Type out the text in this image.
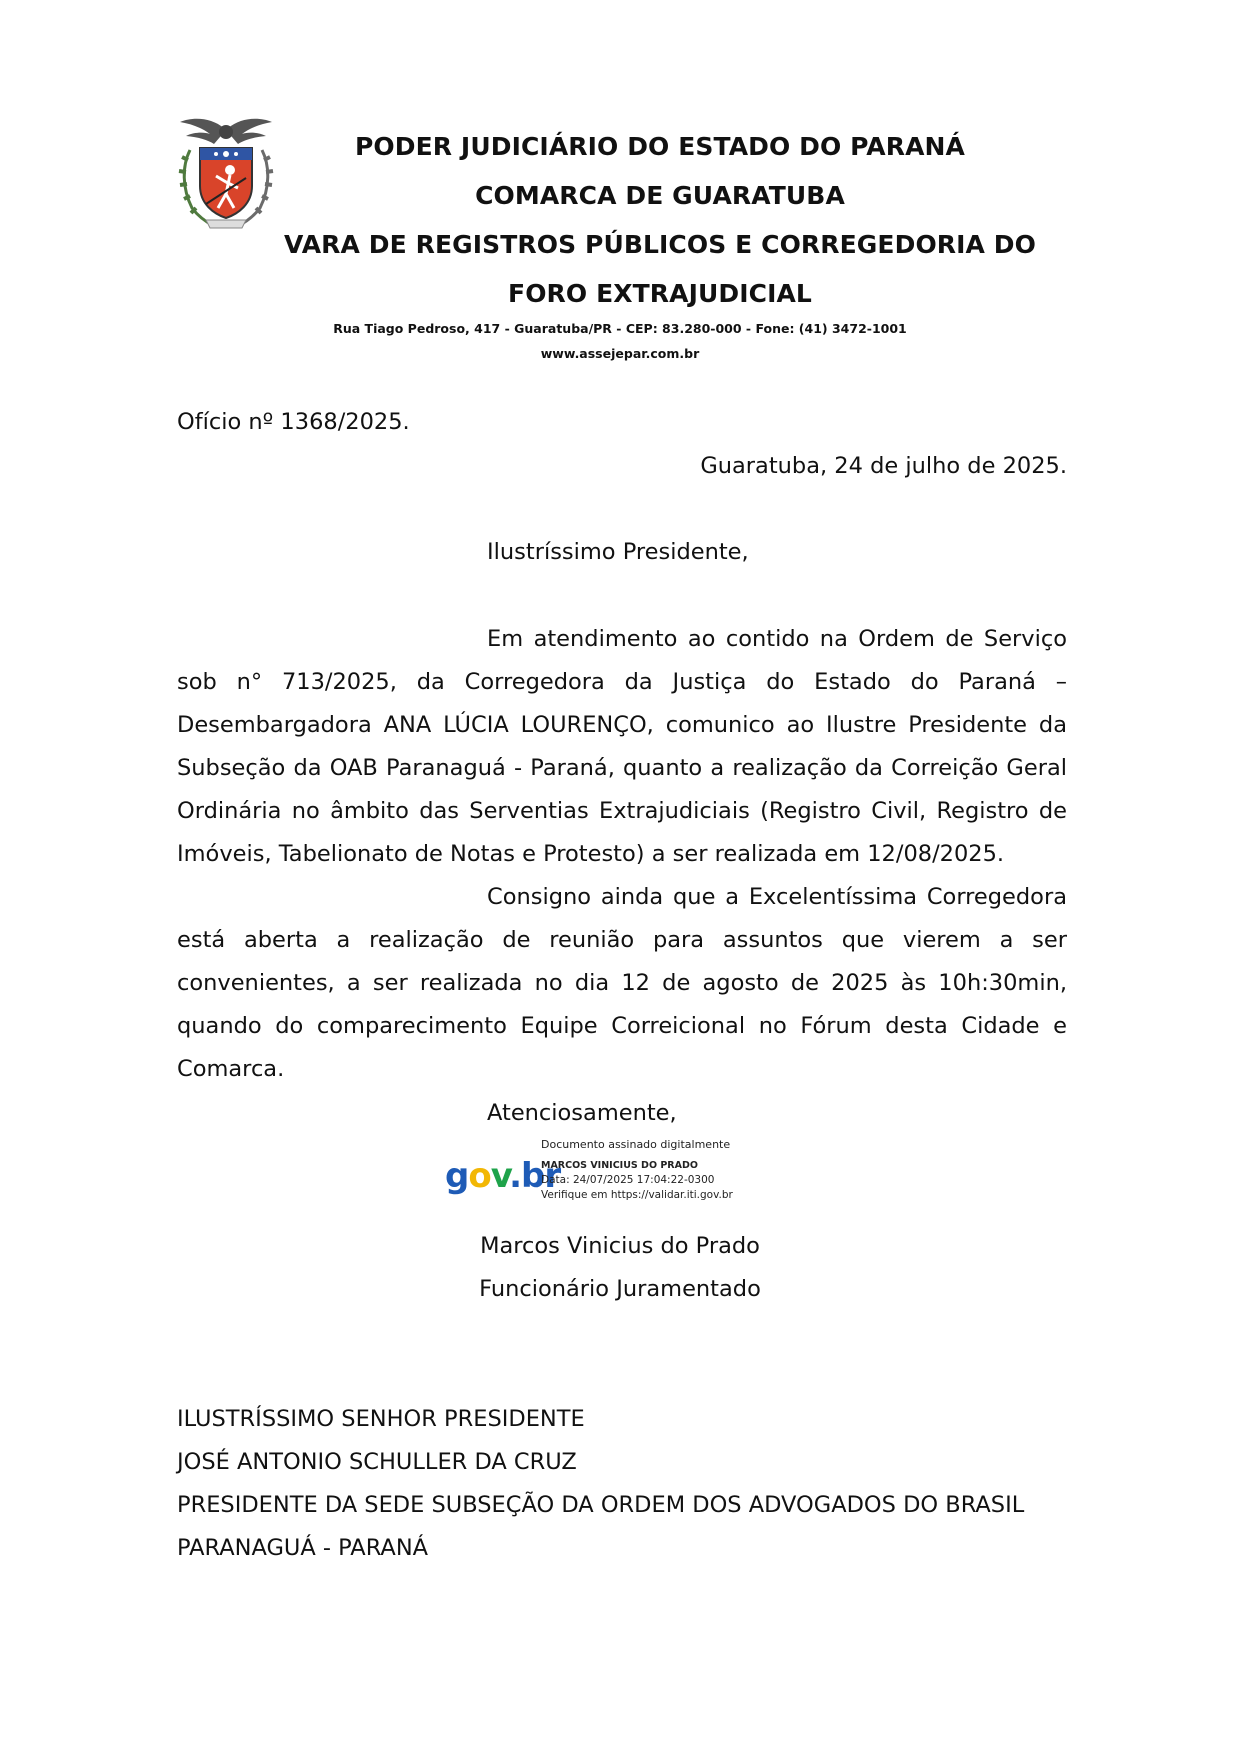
PODER JUDICIÁRIO DO ESTADO DO PARANÁ
COMARCA DE GUARATUBA
VARA DE REGISTROS PÚBLICOS E CORREGEDORIA DO
FORO EXTRAJUDICIAL
Rua Tiago Pedroso, 417 - Guaratuba/PR - CEP: 83.280-000 - Fone: (41) 3472-1001
www.assejepar.com.br
Ofício nº 1368/2025.
Guaratuba, 24 de julho de 2025.
Ilustríssimo Presidente,
Em atendimento ao contido na Ordem de Serviço sob n° 713/2025, da Corregedora da Justiça do Estado do Paraná – Desembargadora ANA LÚCIA LOURENÇO, comunico ao Ilustre Presidente da Subseção da OAB Paranaguá - Paraná, quanto a realização da Correição Geral Ordinária no âmbito das Serventias Extrajudiciais (Registro Civil, Registro de Imóveis, Tabelionato de Notas e Protesto) a ser realizada em 12/08/2025.
Consigno ainda que a Excelentíssima Corregedora está aberta a realização de reunião para assuntos que vierem a ser convenientes, a ser realizada no dia 12 de agosto de 2025 às 10h:30min, quando do comparecimento Equipe Correicional no Fórum desta Cidade e Comarca.
Atenciosamente,
gov.br
Documento assinado digitalmente
MARCOS VINICIUS DO PRADO
Data: 24/07/2025 17:04:22-0300
Verifique em https://validar.iti.gov.br
Marcos Vinicius do Prado
Funcionário Juramentado
ILUSTRÍSSIMO SENHOR PRESIDENTE
JOSÉ ANTONIO SCHULLER DA CRUZ
PRESIDENTE DA SEDE SUBSEÇÃO DA ORDEM DOS ADVOGADOS DO BRASIL
PARANAGUÁ - PARANÁ
